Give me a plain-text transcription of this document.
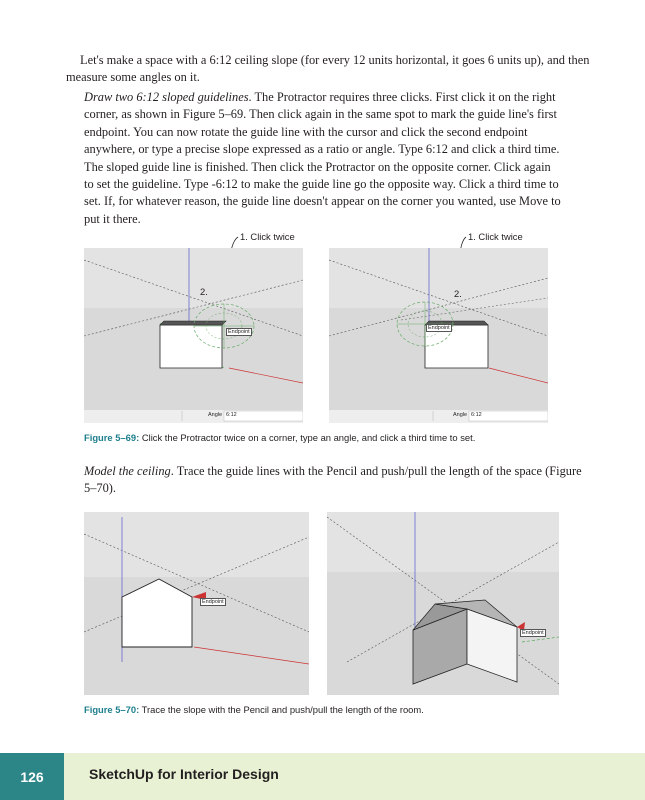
Let's make a space with a 6:12 ceiling slope (for every 12 units horizontal, it goes 6 units up), and then measure some angles on it.

Draw two 6:12 sloped guidelines. The Protractor requires three clicks. First click it on the right corner, as shown in Figure 5–69. Then click again in the same spot to mark the guide line's first endpoint. You can now rotate the guide line with the cursor and click the second endpoint anywhere, or type a precise slope expressed as a ratio or angle. Type 6:12 and click a third time. The sloped guide line is finished. Then click the Protractor on the opposite corner. Click again to set the guideline. Type -6:12 to make the guide line go the opposite way. Click a third time to set. If, for whatever reason, the guide line doesn't appear on the corner you wanted, use Move to put it there.

1. Click twice	1. Click twice
2.
Endpoint
Angle 6:12
2.
Endpoint
Angle 6:12
Figure 5–69: Click the Protractor twice on a corner, type an angle, and click a third time to set.

Model the ceiling. Trace the guide lines with the Pencil and push/pull the length of the space (Figure 5–70).

Endpoint
Endpoint
Figure 5–70: Trace the slope with the Pencil and push/pull the length of the room.
126	SketchUp for Interior Design
